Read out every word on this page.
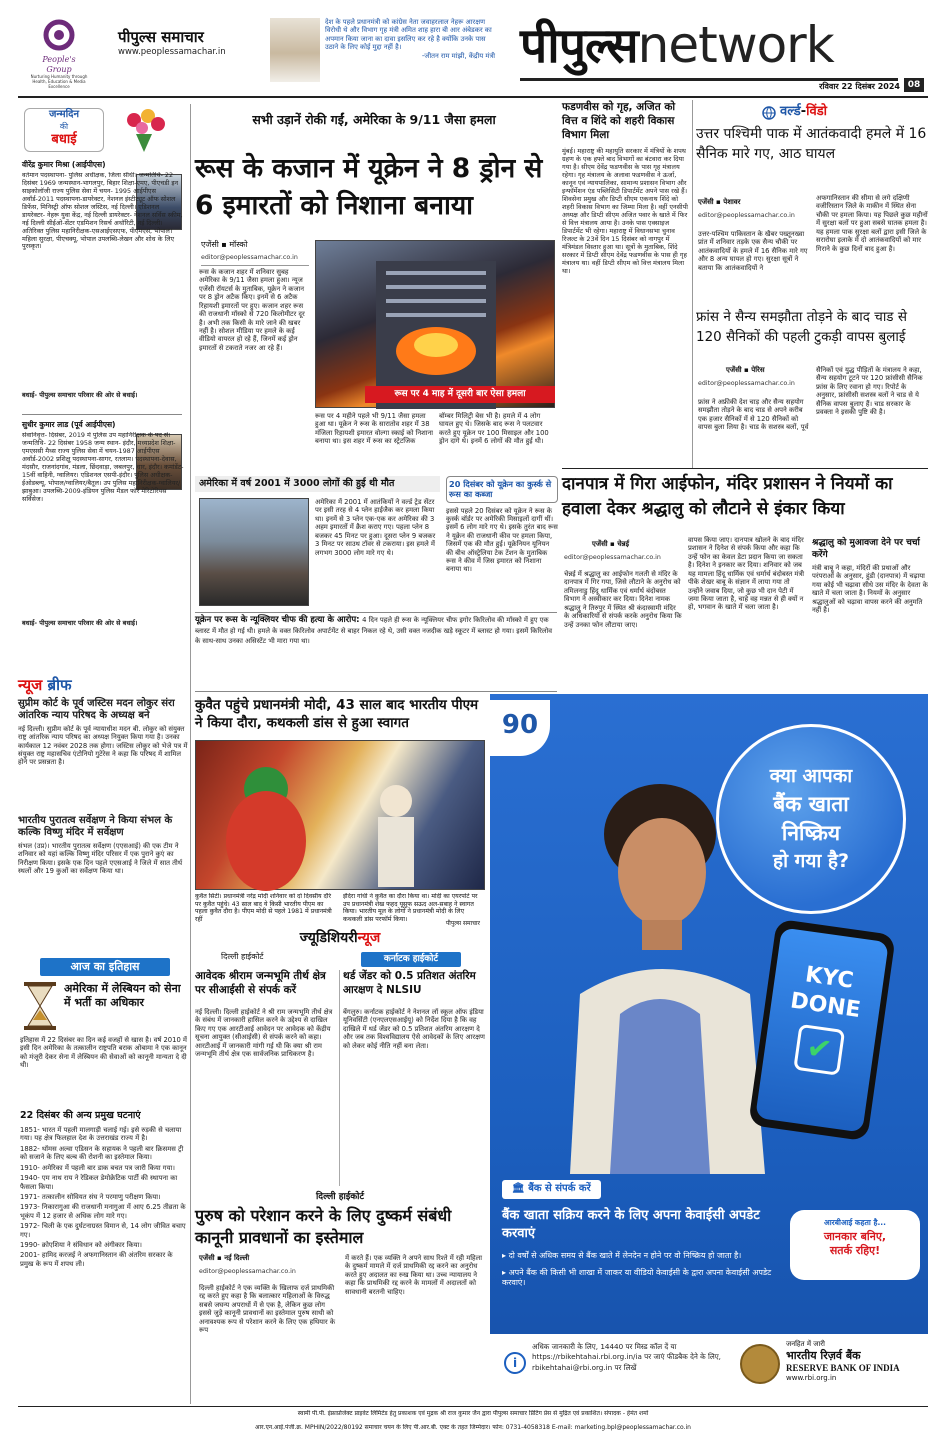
People's Group
Nurturing Humanity through Health, Education & Media Excellence
पीपुल्स समाचार
www.peoplessamachar.in
देश के पहले प्रधानमंत्री को कांग्रेस नेता जवाहरलाल नेहरू आरक्षण विरोधी थे और विभाग गृह मंत्री अमित शाह हारा बी आर अंबेडकर का अपमान किया जाना का दावा इसलिए कर रहे है क्योंकि उनके पास उठाने के लिए कोई मुद्दा नहीं है।
-जीतन राम मांझी, केंद्रीय मंत्री पीपुल्सnetwork
रविवार 22 दिसंबर 2024 08
जन्मदिन
की
बधाई
वीरेंद्र कुमार मिश्रा (आईपीएस)
वर्तमान पदस्थापना- पुलिस अधीक्षक, जिला सीधी। जन्मतिथि- 22 दिसंबर 1969 जन्मस्थान-भागलपुर, बिहार शिक्षा-एमए, पीएचडी इन साइकोलॉजी राज्य पुलिस सेवा में चयन- 1995 आईपीएस अवॉर्ड-2011 पदस्थापना-डायरेक्टर, नेशनल इंस्टीट्यूट ऑफ सोशल डिफेंस, मिनिस्ट्री ऑफ सोशल जस्टिस, नई दिल्ली। एडिशनल डायरेक्टर- नेहरू युवा केंद्र, नई दिल्ली डायरेक्टर- नेशनल सर्विस स्कीम, नई दिल्ली सीईओ-सेंटर एडमिशन रिसर्च अथॉरिटी, नई दिल्ली। अतिरिक्त पुलिस महानिरीक्षक-एसआईएसएफ, पीएमएस, भोपाल। महिला सुरक्षा, पीएचक्यू, भोपाल उपलब्धि-लेखन और शोध के लिए पुरस्कृत।
बधाई- पीपुल्स समाचार परिवार की ओर से बधाई।
सुधीर कुमार लाड (पूर्व आईपीएस)
सेवानिवृत्त- दिसंबर, 2019 में पुलिस उप महानिरीक्षक के पद से। जन्मतिथि- 22 दिसंबर 1958 जन्म स्थान- इंदौर, मध्यप्रदेश शिक्षा-एमएससी मैथ्स राज्य पुलिस सेवा में चयन-1987 आईपीएस अवॉर्ड-2002 प्रशिक्षु पदस्थापना-सागर, रतलाम। पदस्थापना-देवास, मंदसौर, राजनांदगांव, मंडला, छिंदवाड़ा, जबलपुर, धार, इंदौर। कमांडेंट- 15वीं वाहिनी, ग्वालियर। एडिशनल एसपी-इंदौर। पुलिस अधीक्षक-ईओडब्ल्यू, भोपाल/ग्वालियर/बैतूल। उप पुलिस महानिरीक्षक-ग्वालियर/झाबुआ। उपलब्धि-2009-इंडियन पुलिस मैडल फॉर मेरिटोरियस सर्विसेज।
बधाई- पीपुल्स समाचार परिवार की ओर से बधाई।
न्यूज ब्रीफ
सुप्रीम कोर्ट के पूर्व जस्टिस मदन लोकुर संरा आंतरिक न्याय परिषद के अध्यक्ष बने
नई दिल्ली। सुप्रीम कोर्ट के पूर्व न्यायाधीश मदन बी. लोकुर को संयुक्त राष्ट्र आंतरिक न्याय परिषद का अध्यक्ष नियुक्त किया गया है। उनका कार्यकाल 12 नवंबर 2028 तक होगा। जस्टिस लोकुर को भेजे पत्र में संयुक्त राष्ट्र महासचिव एंटोनियो गुटेरेस ने कहा कि परिषद में शामिल होने पर प्रसन्नता है।
भारतीय पुरातत्व सर्वेक्षण ने किया संभल के कल्कि विष्णु मंदिर में सर्वेक्षण
संभल (उप्र)। भारतीय पुरातत्व सर्वेक्षण (एएसआई) की एक टीम ने शनिवार को यहां कल्कि विष्णु मंदिर परिसर में एक पुराने कुएं का निरीक्षण किया। इसके एक दिन पहले एएसआई ने जिले में सात तीर्थ स्थलों और 19 कुओं का सर्वेक्षण किया था।
आज का इतिहास
अमेरिका में लेस्बियन को सेना में भर्ती का अधिकार
इतिहास में 22 दिसंबर का दिन कई वजहों से खास है। वर्ष 2010 में इसी दिन अमेरिका के तत्कालीन राष्ट्रपति बराक ओबामा ने एक कानून को मंजूरी देकर सेना में लेस्बियन की सेवाओं को कानूनी मान्यता दे दी थी।
22 दिसंबर की अन्य प्रमुख घटनाएं
1851- भारत में पहली मालगाड़ी चलाई गई। इसे रुड़की से चलाया गया। यह क्षेत्र फिलहाल देश के उत्तराखंड राज्य में है।
1882- थॉमस अल्वा एडिसन के सहायक ने पहली बार क्रिसमस ट्री को सजाने के लिए बल्ब की रोशनी का इस्तेमाल किया।
1910- अमेरिका में पहली बार डाक बचत पत्र जारी किया गया।
1940- एम नाथ राय ने रेडिकल डेमोक्रेटिक पार्टी की स्थापना का फैसला किया।
1971- तत्कालीन सोवियत संघ ने परमाणु परीक्षण किया।
1973- निकारागुआ की राजधानी मनागुआ में आए 6.25 तीव्रता के भूकंप में 12 हजार से अधिक लोग मारे गए।
1972- चिली के एक दुर्घटनाग्रस्त विमान से, 14 लोग जीवित बचाए गए।
1990- क्रोएशिया ने संविधान को अंगीकार किया।
2001- हामिद करजई ने अफगानिस्तान की अंतरिम सरकार के प्रमुख के रूप में शपथ ली।
सभी उड़ानें रोकी गईं, अमेरिका के 9/11 जैसा हमला
रूस के कजान में यूक्रेन ने 8 ड्रोन से 6 इमारतों को निशाना बनाया
एजेंसी ▪ मॉस्को
editor@peoplessamachar.co.in
रूस के कजान शहर में शनिवार सुबह अमेरिका के 9/11 जैसा हमला हुआ। न्यूज एजेंसी रॉयटर्स के मुताबिक, यूक्रेन ने कजान पर 8 ड्रोन अटैक किए। इनमें से 6 अटैक रिहायशी इमारतों पर हुए। कजान शहर रूस की राजधानी मॉस्को से 720 किलोमीटर दूर है। अभी तक किसी के मारे जाने की खबर नहीं है। सोशल मीडिया पर हमले के कई वीडियो वायरल हो रहे हैं, जिनमें कई ड्रोन इमारतों से टकराते नजर आ रहे हैं।
रूस पर 4 माह में दूसरी बार ऐसा हमला
रूस पर 4 महीने पहले भी 9/11 जैसा हमला हुआ था। यूक्रेन ने रूस के सारातोव शहर में 38 मंजिला रिहायशी इमारत वोल्गा स्काई को निशाना बनाया था। इस शहर में रूस का स्ट्रेटजिक
बॉम्बर मिलिट्री बेस भी है। हमले में 4 लोग घायल हुए थे। जिसके बाद रूस ने पलटवार करते हुए यूक्रेन पर 100 मिसाइल और 100 ड्रोन दागे थे। इनमें 6 लोगों की मौत हुई थी।
अमेरिका में वर्ष 2001 में 3000 लोगों की हुई थी मौत
अमेरिका में 2001 में आतंकियों ने वर्ल्ड ट्रेड सेंटर पर इसी तरह से 4 प्लेन हाईजैक कर हमला किया था। इनमें से 3 प्लेन एक-एक कर अमेरिका की 3 अहम इमारतों में क्रैश कराए गए। पहला प्लेन 8 बजकर 45 मिनट पर हुआ। दूसरा प्लेन 9 बजकर 3 मिनट पर साउथ टॉवर से टकराया। इस हमले में लगभग 3000 लोग मारे गए थे।
20 दिसंबर को यूक्रेन का कुर्स्क से रूस का कब्जा
इससे पहले 20 दिसंबर को यूक्रेन ने रूस के कुर्स्क बॉर्डर पर अमेरिकी मिसाइलों दागीं थीं। इसमें 6 लोग मारे गए थे। इसके तुरंत बाद रूस ने यूक्रेन की राजधानी कीव पर हमला किया, जिसमें एक की मौत हुई। यूक्रेनियन यूनियन की बीच ऑस्ट्रेलिया टेक टेंशन के मुताबिक रूस ने कीव में जिस इमारत को निशाना बनाया था।
यूक्रेन पर रूस के न्यूक्लियर चीफ की हत्या के आरोप: 4 दिन पहले ही रूस के न्यूक्लियर चीफ इगोर किरिलोव की मॉस्को में हुए एक ब्लास्ट में मौत हो गई थी। हमले के वक्त किरिलोव अपार्टमेंट से बाहर निकल रहे थे, उसी वक्त नजदीक खड़े स्कूटर में ब्लास्ट हो गया। इसमें किरिलोव के साथ-साथ उनका असिस्टेंट भी मारा गया था।
कुवैत पहुंचे प्रधानमंत्री मोदी, 43 साल बाद भारतीय पीएम ने किया दौरा, कथकली डांस से हुआ स्वागत
कुवैत सिटी। प्रधानमंत्री नरेंद्र मोदी शनिवार को दो दिवसीय दौरे पर कुवैत पहुंचे। 43 साल बाद ये किसी भारतीय पीएम का पहला कुवैत दौरा है। पीएम मोदी से पहले 1981 में प्रधानमंत्री रहीं
इंदिरा गांधी ने कुवैत का दौरा किया था। मोदी का एयरपोर्ट पर उप प्रधानमंत्री शेख फहद यूसुफ सऊद अल-सबाह ने स्वागत किया। भारतीय मूल के लोगों ने प्रधानमंत्री मोदी के लिए कथकली डांस परफॉर्म किया।
पीपुल्स समाचार
ज्यूडिशियरीन्यूज
दिल्ली हाईकोर्ट	कर्नाटक हाईकोर्ट
आवेदक श्रीराम जन्मभूमि तीर्थ क्षेत्र पर सीआईसी से संपर्क करें
नई दिल्ली। दिल्ली हाईकोर्ट ने श्री राम जन्मभूमि तीर्थ क्षेत्र के संबंध में जानकारी हासिल करने के उद्देश्य से दाखिल किए गए एक आरटीआई आवेदन पर आवेदक को केंद्रीय सूचना आयुक्त (सीआईसी) से संपर्क करने को कहा। आरटीआई में जानकारी मांगी गई थी कि क्या श्री राम जन्मभूमि तीर्थ क्षेत्र एक सार्वजनिक प्राधिकरण है।
थर्ड जेंडर को 0.5 प्रतिशत अंतरिम आरक्षण दे NLSIU
बेंगलुरु। कर्नाटक हाईकोर्ट ने नेशनल लॉ स्कूल ऑफ इंडिया यूनिवर्सिटी (एनएलएसआईयू) को निर्देश दिया है कि वह दाखिले में थर्ड जेंडर को 0.5 प्रतिशत अंतरिम आरक्षण दे और जब तक विश्वविद्यालय ऐसे आवेदकों के लिए आरक्षण को लेकर कोई नीति नहीं बना लेता।
दिल्ली हाईकोर्ट
पुरुष को परेशान करने के लिए दुष्कर्म संबंधी कानूनी प्रावधानों का इस्तेमाल
एजेंसी ▪ नई दिल्ली
editor@peoplessamachar.co.in
दिल्ली हाईकोर्ट ने एक व्यक्ति के खिलाफ दर्ज प्राथमिकी रद्द करते हुए कहा है कि बलात्कार महिलाओं के विरुद्ध सबसे जघन्य अपराधों में से एक है, लेकिन कुछ लोग इससे जुड़े कानूनी प्रावधानों का इस्तेमाल पुरुष साथी को अनावश्यक रूप से परेशान करने के लिए एक हथियार के रूप
में करते हैं। एक व्यक्ति ने अपने साथ रिश्ते में रही महिला के दुष्कर्म मामले में दर्ज प्राथमिकी रद्द करने का अनुरोध करते हुए अदालत का रुख किया था। उच्च न्यायालय ने कहा कि प्राथमिकी रद्द करने के मामलों में अदालतों को सावधानी बरतनी चाहिए।
फडणवीस को गृह, अजित को वित्त व शिंदे को शहरी विकास विभाग मिला
मुंबई। महाराष्ट्र की महायुति सरकार में मंत्रियों के शपथ ग्रहण के एक हफ्ते बाद विभागों का बंटवारा कर दिया गया है। सीएम देवेंद्र फडणवीस के पास गृह मंत्रालय रहेगा। गृह मंत्रालय के अलावा फडणवीस ने ऊर्जा, कानून एवं न्यायपालिका, सामान्य प्रशासन विभाग और इन्फॉर्मेशन एंड पब्लिसिटी डिपार्टमेंट अपने पास रखे हैं। शिवसेना प्रमुख और डिप्टी सीएम एकनाथ शिंदे को शहरी विकास विभाग का जिम्मा मिला है। वहीं एनसीपी अध्यक्ष और डिप्टी सीएम अजित पवार के खाते में फिर से वित्त मंत्रालय आया है। उनके पास एक्साइज डिपार्टमेंट भी रहेगा। महाराष्ट्र में विधानसभा चुनाव रिजल्ट के 23वें दिन 15 दिसंबर को नागपुर में मंत्रिमंडल विस्तार हुआ था। सूत्रों के मुताबिक, शिंदे सरकार में डिप्टी सीएम देवेंद्र फडणवीस के पास ही गृह मंत्रालय था। वहीं डिप्टी सीएम को वित्त मंत्रालय मिला था।
वर्ल्ड-विंडो
उत्तर पश्चिमी पाक में आतंकवादी हमले में 16 सैनिक मारे गए, आठ घायल
एजेंसी ▪ पेशावर
editor@peoplessamachar.co.in
उत्तर-पश्चिम पाकिस्तान के खैबर पख्तूनख्वा प्रांत में शनिवार तड़के एक सैन्य चौकी पर आतंकवादियों के हमले में 16 सैनिक मारे गए और 8 अन्य घायल हो गए। सुरक्षा सूत्रों ने बताया कि आतंकवादियों ने
अफगानिस्तान की सीमा से लगे दक्षिणी वजीरिस्तान जिले के माकीन में स्थित सेना चौकी पर हमला किया। यह पिछले कुछ महीनों में सुरक्षा बलों पर हुआ सबसे घातक हमला है। यह हमला पाक सुरक्षा बलों द्वारा इसी जिले के सरारोघा इलाके में दो आतंकवादियों को मार गिराने के कुछ दिनों बाद हुआ है।
फ्रांस ने सैन्य समझौता तोड़ने के बाद चाड से 120 सैनिकों की पहली टुकड़ी वापस बुलाई
एजेंसी ▪ पेरिस
editor@peoplessamachar.co.in
फ्रांस ने अफ्रीकी देश चाड़ और सैन्य सहयोग समझौता तोड़ने के बाद चाड से अपने करीब एक हजार सैनिकों में से 120 सैनिकों को वापस बुला लिया है। चाड के सशस्त्र बलों, पूर्व
सैनिकों एवं युद्ध पीड़ितों के मंत्रालय ने कहा, सैन्य सहयोग टूटने पर 120 फ्रांसीसी सैनिक फ्रांस के लिए रवाना हो गए। रिपोर्ट के अनुसार, फ्रांसीसी सशस्त्र बलों ने चाड से ये सैनिक वापस बुलाए हैं। चाड सरकार के प्रवक्ता ने इसकी पुष्टि की है।
दानपात्र में गिरा आईफोन, मंदिर प्रशासन ने नियमों का हवाला देकर श्रद्धालु को लौटाने से इंकार किया
एजेंसी ▪ चेन्नई
editor@peoplessamachar.co.in
चेन्नई में श्रद्धालु का आईफोन गलती से मंदिर के दानपात्र में गिर गया, जिसे लौटाने के अनुरोध को तमिलनाडु हिंदू धार्मिक एवं धर्मार्थ बंदोबस्त विभाग ने अस्वीकार कर दिया। दिनेश नामक श्रद्धालु ने तिरुपुर में स्थित श्री कंदास्वामी मंदिर के अधिकारियों से संपर्क करके अनुरोध किया कि उन्हें उनका फोन लौटाया जाए।
वापस किया जाए। दानपात्र खोलने के बाद मंदिर प्रशासन ने दिनेश से संपर्क किया और कहा कि उन्हें फोन का केवल डेटा प्रदान किया जा सकता है। दिनेश ने इनकार कर दिया। शनिवार को जब यह मामला हिंदू धार्मिक एवं धर्मार्थ बंदोबस्त मंत्री पीके शेखर बाबू के संज्ञान में लाया गया तो उन्होंने जवाब दिया, जो कुछ भी दान पेटी में जमा किया जाता है, चाहे वह मन्नत से ही क्यों न हो, भगवान के खाते में चला जाता है।
श्रद्धालु को मुआवजा देने पर चर्चा करेंगे
मंत्री बाबू ने कहा, मंदिरों की प्रथाओं और परंपराओं के अनुसार, हुंडी (दानपात्र) में चढ़ाया गया कोई भी चढ़ावा सीधे उस मंदिर के देवता के खाते में चला जाता है। नियमों के अनुसार श्रद्धालुओं को चढ़ावा वापस करने की अनुमति नहीं है।
90
क्या आपका
बैंक खाता
निष्क्रिय
हो गया है?
KYC
DONE
✔
🏛 बैंक से संपर्क करें
बैंक खाता सक्रिय करने के लिए अपना केवाईसी अपडेट करवाएं
▸ दो वर्षों से अधिक समय से बैंक खाते में लेनदेन न होने पर वो निष्क्रिय हो जाता है।
▸ अपने बैंक की किसी भी शाखा में जाकर या वीडियो केवाईसी के द्वारा अपना केवाईसी अपडेट करवाएं।
आरबीआई कहता है...
जानकार बनिए,
सतर्क रहिए!
i
अधिक जानकारी के लिए, 14440 पर मिस्ड कॉल दें या https://rbikehtahai.rbi.org.in/ia पर जाएं फीडबैक देने के लिए, rbikehtahai@rbi.org.in पर लिखें
जनहित में जारी
भारतीय रिज़र्व बैंक
RESERVE BANK OF INDIA
www.rbi.org.in
स्वामी पी.पी. इंफ्राप्रोजेक्ट प्राइवेट लिमिटेड हेतु प्रकाशक एवं मुद्रक श्री राज कुमार जैन द्वारा पीपुल्स समाचार प्रिंटिंग प्रेस से मुद्रित एवं प्रकाशित। संपादक - हेमंत शर्मा
आर.एन.आई.पंजी.क्र. MPHIN/2022/80192 समाचार चयन के लिए पी.आर.बी. एक्ट के तहत जिम्मेदार। फोन: 0731-4058318 E-mail: marketing.bpl@peoplessamachar.co.in
